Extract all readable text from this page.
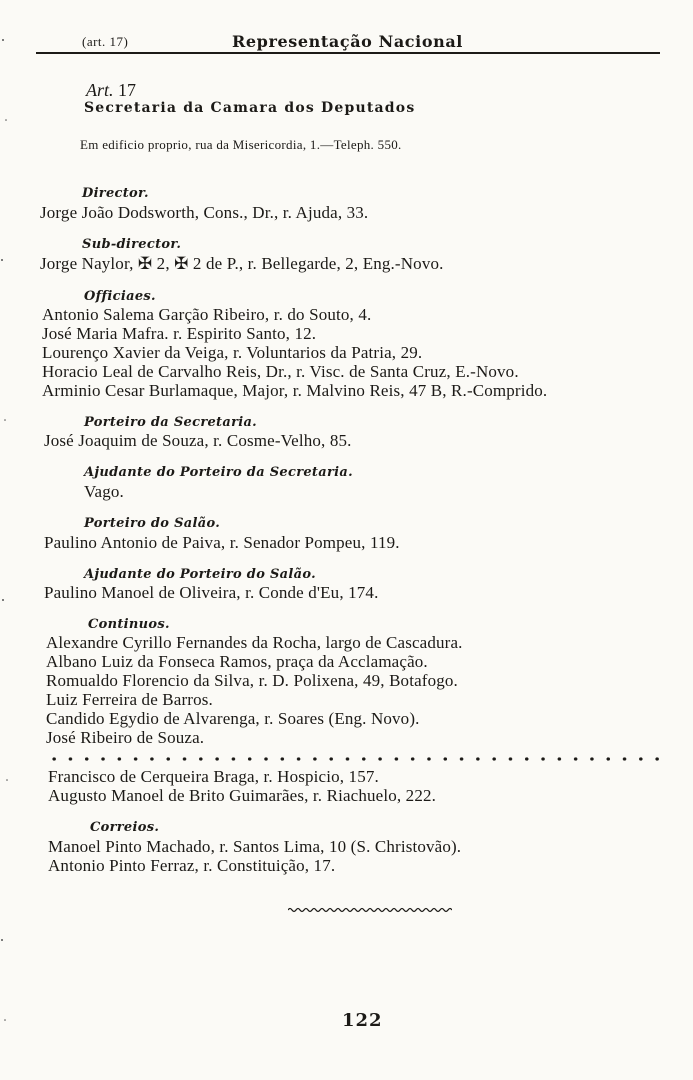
(art. 17)	Representação Nacional
Art. 17
Secretaria da Camara dos Deputados
Em edificio proprio, rua da Misericordia, 1.—Teleph. 550.
Director.
Jorge João Dodsworth, Cons., Dr., r. Ajuda, 33.
Sub-director.
Jorge Naylor, ✠ 2, ✠ 2 de P., r. Bellegarde, 2, Eng.-Novo.
Officiaes.
Antonio Salema Garção Ribeiro, r. do Souto, 4.
José Maria Mafra. r. Espirito Santo, 12.
Lourenço Xavier da Veiga, r. Voluntarios da Patria, 29.
Horacio Leal de Carvalho Reis, Dr., r. Visc. de Santa Cruz, E.-Novo.
Arminio Cesar Burlamaque, Major, r. Malvino Reis, 47 B, R.-Comprido.
Porteiro da Secretaria.
José Joaquim de Souza, r. Cosme-Velho, 85.
Ajudante do Porteiro da Secretaria.
Vago.
Porteiro do Salão.
Paulino Antonio de Paiva, r. Senador Pompeu, 119.
Ajudante do Porteiro do Salão.
Paulino Manoel de Oliveira, r. Conde d'Eu, 174.
Continuos.
Alexandre Cyrillo Fernandes da Rocha, largo de Cascadura.
Albano Luiz da Fonseca Ramos, praça da Acclamação.
Romualdo Florencio da Silva, r. D. Polixena, 49, Botafogo.
Luiz Ferreira de Barros.
Candido Egydio de Alvarenga, r. Soares (Eng. Novo).
José Ribeiro de Souza.
Francisco de Cerqueira Braga, r. Hospicio, 157.
Augusto Manoel de Brito Guimarães, r. Riachuelo, 222.
Correios.
Manoel Pinto Machado, r. Santos Lima, 10 (S. Christovão).
Antonio Pinto Ferraz, r. Constituição, 17.
122
